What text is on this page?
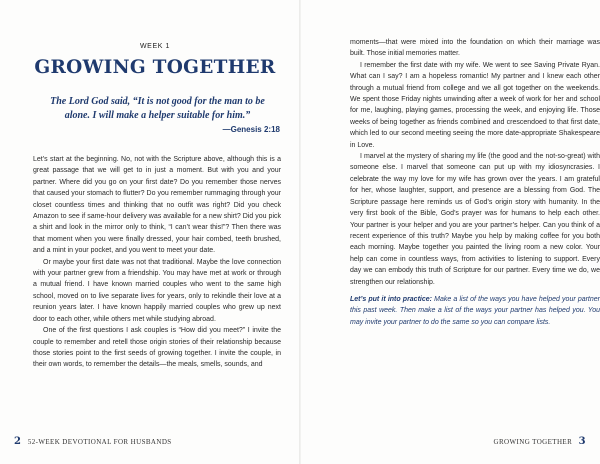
WEEK 1
GROWING TOGETHER
The Lord God said, “It is not good for the man to be alone. I will make a helper suitable for him.”
—Genesis 2:18

Let’s start at the beginning. No, not with the Scripture above, although this is a great passage that we will get to in just a moment. But with you and your partner. Where did you go on your first date? Do you remember those nerves that caused your stomach to flutter? Do you remember rummaging through your closet countless times and thinking that no outfit was right? Did you check Amazon to see if same-hour delivery was available for a new shirt? Did you pick a shirt and look in the mirror only to think, “I can’t wear this!”? Then there was that moment when you were finally dressed, your hair combed, teeth brushed, and a mint in your pocket, and you went to meet your date.

Or maybe your first date was not that traditional. Maybe the love connection with your partner grew from a friendship. You may have met at work or through a mutual friend. I have known married couples who went to the same high school, moved on to live separate lives for years, only to rekindle their love at a reunion years later. I have known happily married couples who grew up next door to each other, while others met while studying abroad.

One of the first questions I ask couples is “How did you meet?” I invite the couple to remember and retell those origin stories of their relationship because those stories point to the first seeds of growing together. I invite the couple, in their own words, to remember the details—the meals, smells, sounds, and

2 52-WEEK DEVOTIONAL FOR HUSBANDS

moments—that were mixed into the foundation on which their marriage was built. Those initial memories matter.

I remember the first date with my wife. We went to see Saving Private Ryan. What can I say? I am a hopeless romantic! My partner and I knew each other through a mutual friend from college and we all got together on the weekends. We spent those Friday nights unwinding after a week of work for her and school for me, laughing, playing games, processing the week, and enjoying life. Those weeks of being together as friends combined and crescendoed to that first date, which led to our second meeting seeing the more date-appropriate Shakespeare in Love.

I marvel at the mystery of sharing my life (the good and the not-so-great) with someone else. I marvel that someone can put up with my idiosyncrasies. I celebrate the way my love for my wife has grown over the years. I am grateful for her, whose laughter, support, and presence are a blessing from God. The Scripture passage here reminds us of God’s origin story with humanity. In the very first book of the Bible, God’s prayer was for humans to help each other. Your partner is your helper and you are your partner’s helper. Can you think of a recent experience of this truth? Maybe you help by making coffee for you both each morning. Maybe together you painted the living room a new color. Your help can come in countless ways, from activities to listening to support. Every day we can embody this truth of Scripture for our partner. Every time we do, we strengthen our relationship.

Let’s put it into practice: Make a list of the ways you have helped your partner this past week. Then make a list of the ways your partner has helped you. You may invite your partner to do the same so you can compare lists.

GROWING TOGETHER 3
